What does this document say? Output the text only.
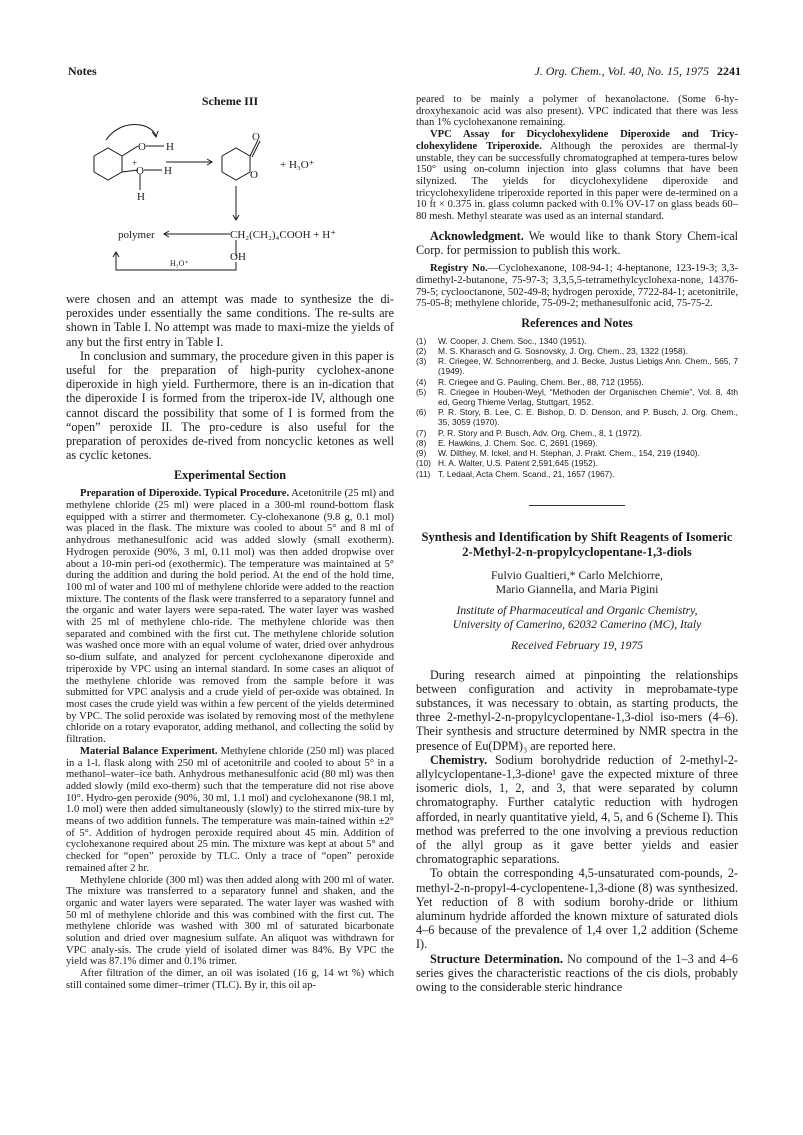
Notes	J. Org. Chem., Vol. 40, No. 15, 1975 2241
Scheme III
O H
O H
H
+
O
O
+ H₃O⁺
polymer	CH₂(CH₂)₄COOH + H⁺
OH
H₃O⁺

were chosen and an attempt was made to synthesize the di-peroxides under essentially the same conditions. The re-sults are shown in Table I. No attempt was made to maxi-mize the yields of any but the first entry in Table I.

In conclusion and summary, the procedure given in this paper is useful for the preparation of high-purity cyclohex-anone diperoxide in high yield. Furthermore, there is an in-dication that the diperoxide I is formed from the triperox-ide IV, although one cannot discard the possibility that some of I is formed from the “open” peroxide II. The pro-cedure is also useful for the preparation of peroxides de-rived from noncyclic ketones as well as cyclic ketones.

Experimental Section

Preparation of Diperoxide. Typical Procedure. Acetonitrile (25 ml) and methylene chloride (25 ml) were placed in a 300-ml round-bottom flask equipped with a stirrer and thermometer. Cy-clohexanone (9.8 g, 0.1 mol) was placed in the flask. The mixture was cooled to about 5° and 8 ml of anhydrous methanesulfonic acid was added slowly (small exotherm). Hydrogen peroxide (90%, 3 ml, 0.11 mol) was then added dropwise over about a 10-min peri-od (exothermic). The temperature was maintained at 5° during the addition and during the hold period. At the end of the hold time, 100 ml of water and 100 ml of methylene chloride were added to the reaction mixture. The contents of the flask were transferred to a separatory funnel and the organic and water layers were sepa-rated. The water layer was washed with 25 ml of methylene chlo-ride. The methylene chloride was then separated and combined with the first cut. The methylene chloride solution was washed once more with an equal volume of water, dried over anhydrous so-dium sulfate, and analyzed for percent cyclohexanone diperoxide and triperoxide by VPC using an internal standard. In some cases an aliquot of the methylene chloride was removed from the sample before it was submitted for VPC analysis and a crude yield of per-oxide was obtained. In most cases the crude yield was within a few percent of the yields determined by VPC. The solid peroxide was isolated by removing most of the methylene chloride on a rotary evaporator, adding methanol, and collecting the solid by filtration.

Material Balance Experiment. Methylene chloride (250 ml) was placed in a 1-l. flask along with 250 ml of acetonitrile and cooled to about 5° in a methanol–water–ice bath. Anhydrous methanesulfonic acid (80 ml) was then added slowly (mild exo-therm) such that the temperature did not rise above 10°. Hydro-gen peroxide (90%, 30 ml, 1.1 mol) and cyclohexanone (98.1 ml, 1.0 mol) were then added simultaneously (slowly) to the stirred mix-ture by means of two addition funnels. The temperature was main-tained within ±2° of 5°. Addition of hydrogen peroxide required about 45 min. Addition of cyclohexanone required about 25 min. The mixture was kept at about 5° and checked for “open” peroxide by TLC. Only a trace of “open” peroxide remained after 2 hr.

Methylene chloride (300 ml) was then added along with 200 ml of water. The mixture was transferred to a separatory funnel and shaken, and the organic and water layers were separated. The water layer was washed with 50 ml of methylene chloride and this was combined with the first cut. The methylene chloride was washed with 300 ml of saturated bicarbonate solution and dried over magnesium sulfate. An aliquot was withdrawn for VPC analy-sis. The crude yield of isolated dimer was 84%. By VPC the yield was 87.1% dimer and 0.1% trimer.

After filtration of the dimer, an oil was isolated (16 g, 14 wt %) which still contained some dimer–trimer (TLC). By ir, this oil ap-

peared to be mainly a polymer of hexanolactone. (Some 6-hy-droxyhexanoic acid was also present). VPC indicated that there was less than 1% cyclohexanone remaining.

VPC Assay for Dicyclohexylidene Diperoxide and Tricy-clohexylidene Triperoxide. Although the peroxides are thermal-ly unstable, they can be successfully chromatographed at tempera-tures below 150° using on-column injection into glass columns that have been silynized. The yields for dicyclohexylidene diperoxide and tricyclohexylidene triperoxide reported in this paper were de-termined on a 10 ft × 0.375 in. glass column packed with 0.1% OV-17 on glass beads 60–80 mesh. Methyl stearate was used as an internal standard.

Acknowledgment. We would like to thank Story Chem-ical Corp. for permission to publish this work.

Registry No.—Cyclohexanone, 108-94-1; 4-heptanone, 123-19-3; 3,3-dimethyl-2-butanone, 75-97-3; 3,3,5,5-tetramethylcyclohexa-none, 14376-79-5; cyclooctanone, 502-49-8; hydrogen peroxide, 7722-84-1; acetonitrile, 75-05-8; methylene chloride, 75-09-2; methanesulfonic acid, 75-75-2.

References and Notes
(1) W. Cooper, J. Chem. Soc., 1340 (1951).
(2) M. S. Kharasch and G. Sosnovsky, J. Org. Chem., 23, 1322 (1958).
(3) R. Criegee, W. Schnorrenberg, and J. Becke, Justus Liebigs Ann. Chem., 565, 7 (1949).
(4) R. Criegee and G. Pauling, Chem. Ber., 88, 712 (1955).
(5) R. Criegee in Houben-Weyl, “Methoden der Organischen Chemie”, Vol. 8, 4th ed, Georg Thieme Verlag, Stuttgart, 1952.
(6) P. R. Story, B. Lee, C. E. Bishop, D. D. Denson, and P. Busch, J. Org. Chem., 35, 3059 (1970).
(7) P. R. Story and P. Busch, Adv. Org. Chem., 8, 1 (1972).
(8) E. Hawkins, J. Chem. Soc. C, 2691 (1969).
(9) W. Dilthey, M. Ickel, and H. Stephan, J. Prakt. Chem., 154, 219 (1940).
(10) H. A. Walter, U.S. Patent 2,591,645 (1952).
(11) T. Ledaal, Acta Chem. Scand., 21, 1657 (1967).
Synthesis and Identification by Shift Reagents of Isomeric 2-Methyl-2-n-propylcyclopentane-1,3-diols
Fulvio Gualtieri,* Carlo Melchiorre,
Mario Giannella, and Maria Pigini
Institute of Pharmaceutical and Organic Chemistry,
University of Camerino, 62032 Camerino (MC), Italy
Received February 19, 1975

During research aimed at pinpointing the relationships between configuration and activity in meprobamate-type substances, it was necessary to obtain, as starting products, the three 2-methyl-2-n-propylcyclopentane-1,3-diol iso-mers (4–6). Their synthesis and structure determined by NMR spectra in the presence of Eu(DPM)₃ are reported here.

Chemistry. Sodium borohydride reduction of 2-methyl-2-allylcyclopentane-1,3-dione¹ gave the expected mixture of three isomeric diols, 1, 2, and 3, that were separated by column chromatography. Further catalytic reduction with hydrogen afforded, in nearly quantitative yield, 4, 5, and 6 (Scheme I). This method was preferred to the one involving a previous reduction of the allyl group as it gave better yields and easier chromatographic separations.

To obtain the corresponding 4,5-unsaturated com-pounds, 2-methyl-2-n-propyl-4-cyclopentene-1,3-dione (8) was synthesized. Yet reduction of 8 with sodium borohy-dride or lithium aluminum hydride afforded the known mixture of saturated diols 4–6 because of the prevalence of 1,4 over 1,2 addition (Scheme I).

Structure Determination. No compound of the 1–3 and 4–6 series gives the characteristic reactions of the cis diols, probably owing to the considerable steric hindrance
